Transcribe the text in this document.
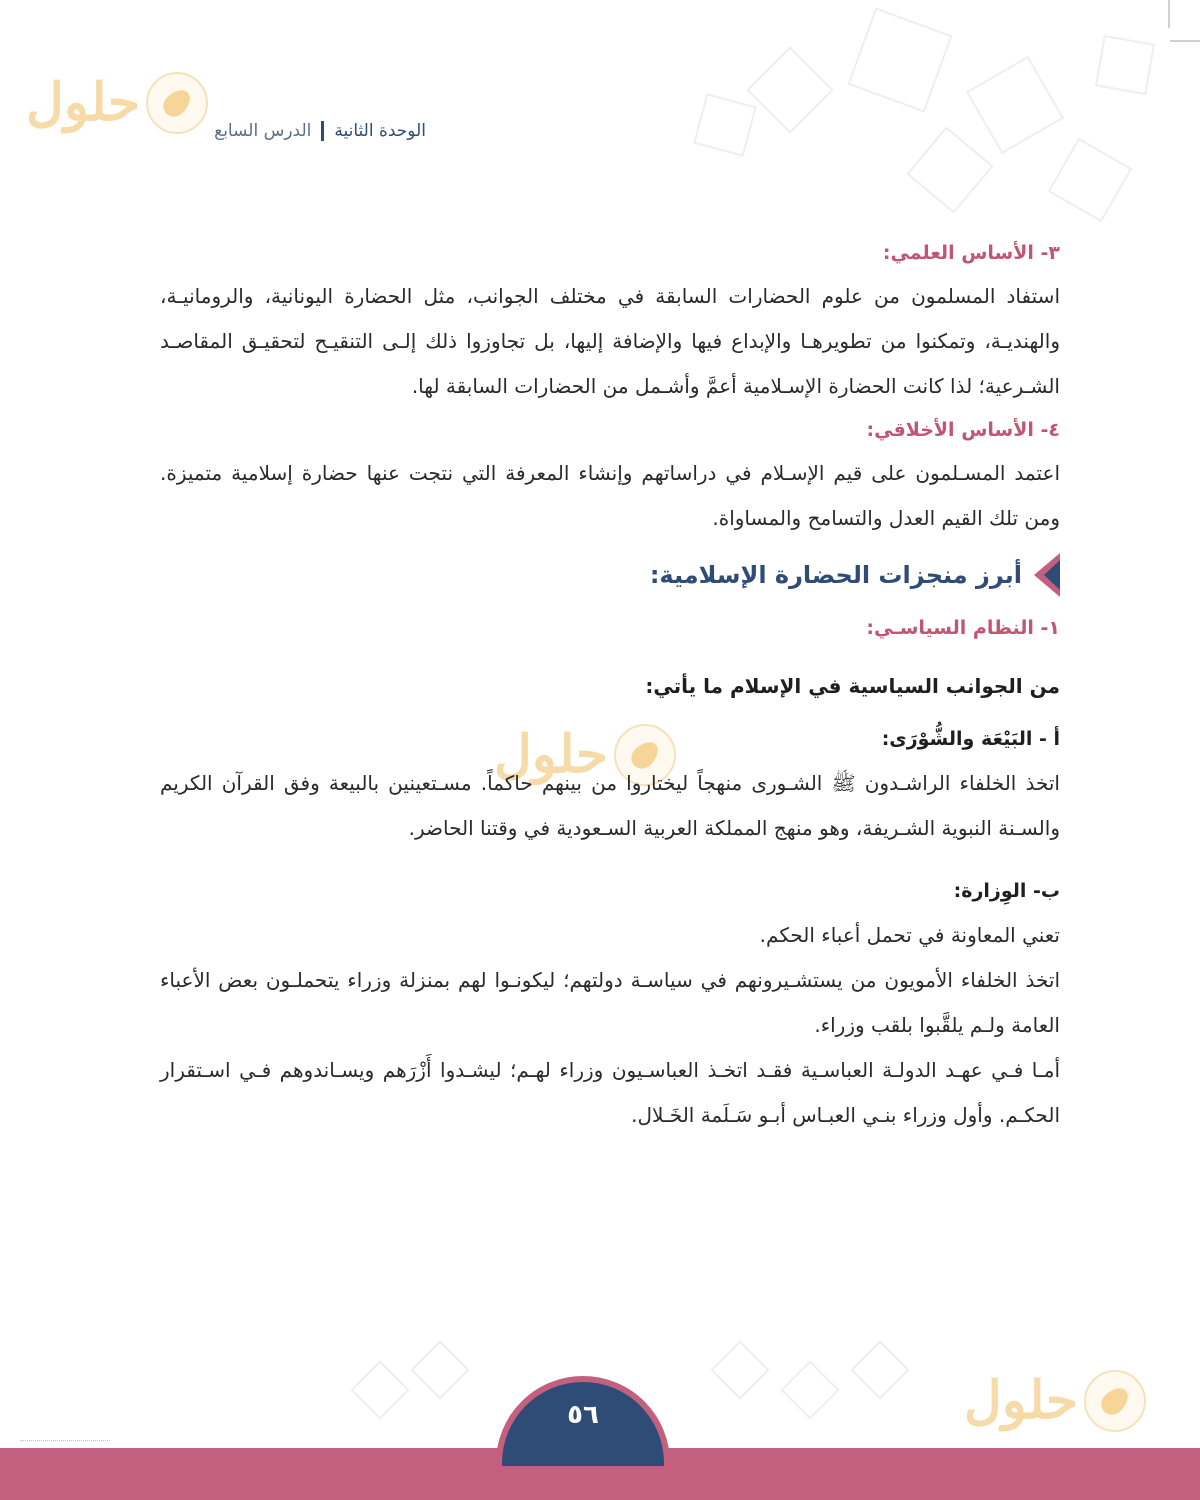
حلول
حلول
حلول
الوحدة الثانية
الدرس السابع
٣- الأساس العلمي:

استفاد المسلمون من علوم الحضارات السابقة في مختلف الجوانب، مثل الحضارة اليونانية، والرومانيـة، والهنديـة، وتمكنوا من تطويرهـا والإبداع فيها والإضافة إليها، بل تجاوزوا ذلك إلـى التنقيـح لتحقيـق المقاصـد الشـرعية؛ لذا كانت الحضارة الإسـلامية أعمَّ وأشـمل من الحضارات السابقة لها.

٤- الأساس الأخلاقي:

اعتمد المسـلمون على قيم الإسـلام في دراساتهم وإنشاء المعرفة التي نتجت عنها حضارة إسلامية متميزة. ومن تلك القيم العدل والتسامح والمساواة.

أبرز منجزات الحضارة الإسلامية:
١- النظام السياسـي:
من الجوانب السياسية في الإسلام ما يأتي:
أ - البَيْعَة والشُّوْرَى:

اتخذ الخلفاء الراشـدون ﷺ الشـورى منهجاً ليختاروا من بينهم حاكماً. مسـتعينين بالبيعة وفق القرآن الكريم والسـنة النبوية الشـريفة، وهو منهج المملكة العربية السـعودية في وقتنا الحاضر.

ب- الوِزارة:

تعني المعاونة في تحمل أعباء الحكم.

اتخذ الخلفاء الأمويون من يستشـيرونهم في سياسـة دولتهم؛ ليكونـوا لهم بمنزلة وزراء يتحملـون بعض الأعباء العامة ولـم يلقَّبوا بلقب وزراء.

أمـا فـي عهـد الدولـة العباسـية فقـد اتخـذ العباسـيون وزراء لهـم؛ ليشـدوا أَزْرَهم ويسـاندوهم فـي اسـتقرار الحكـم. وأول وزراء بنـي العبـاس أبـو سَـلَمة الخَـلال.

٥٦
